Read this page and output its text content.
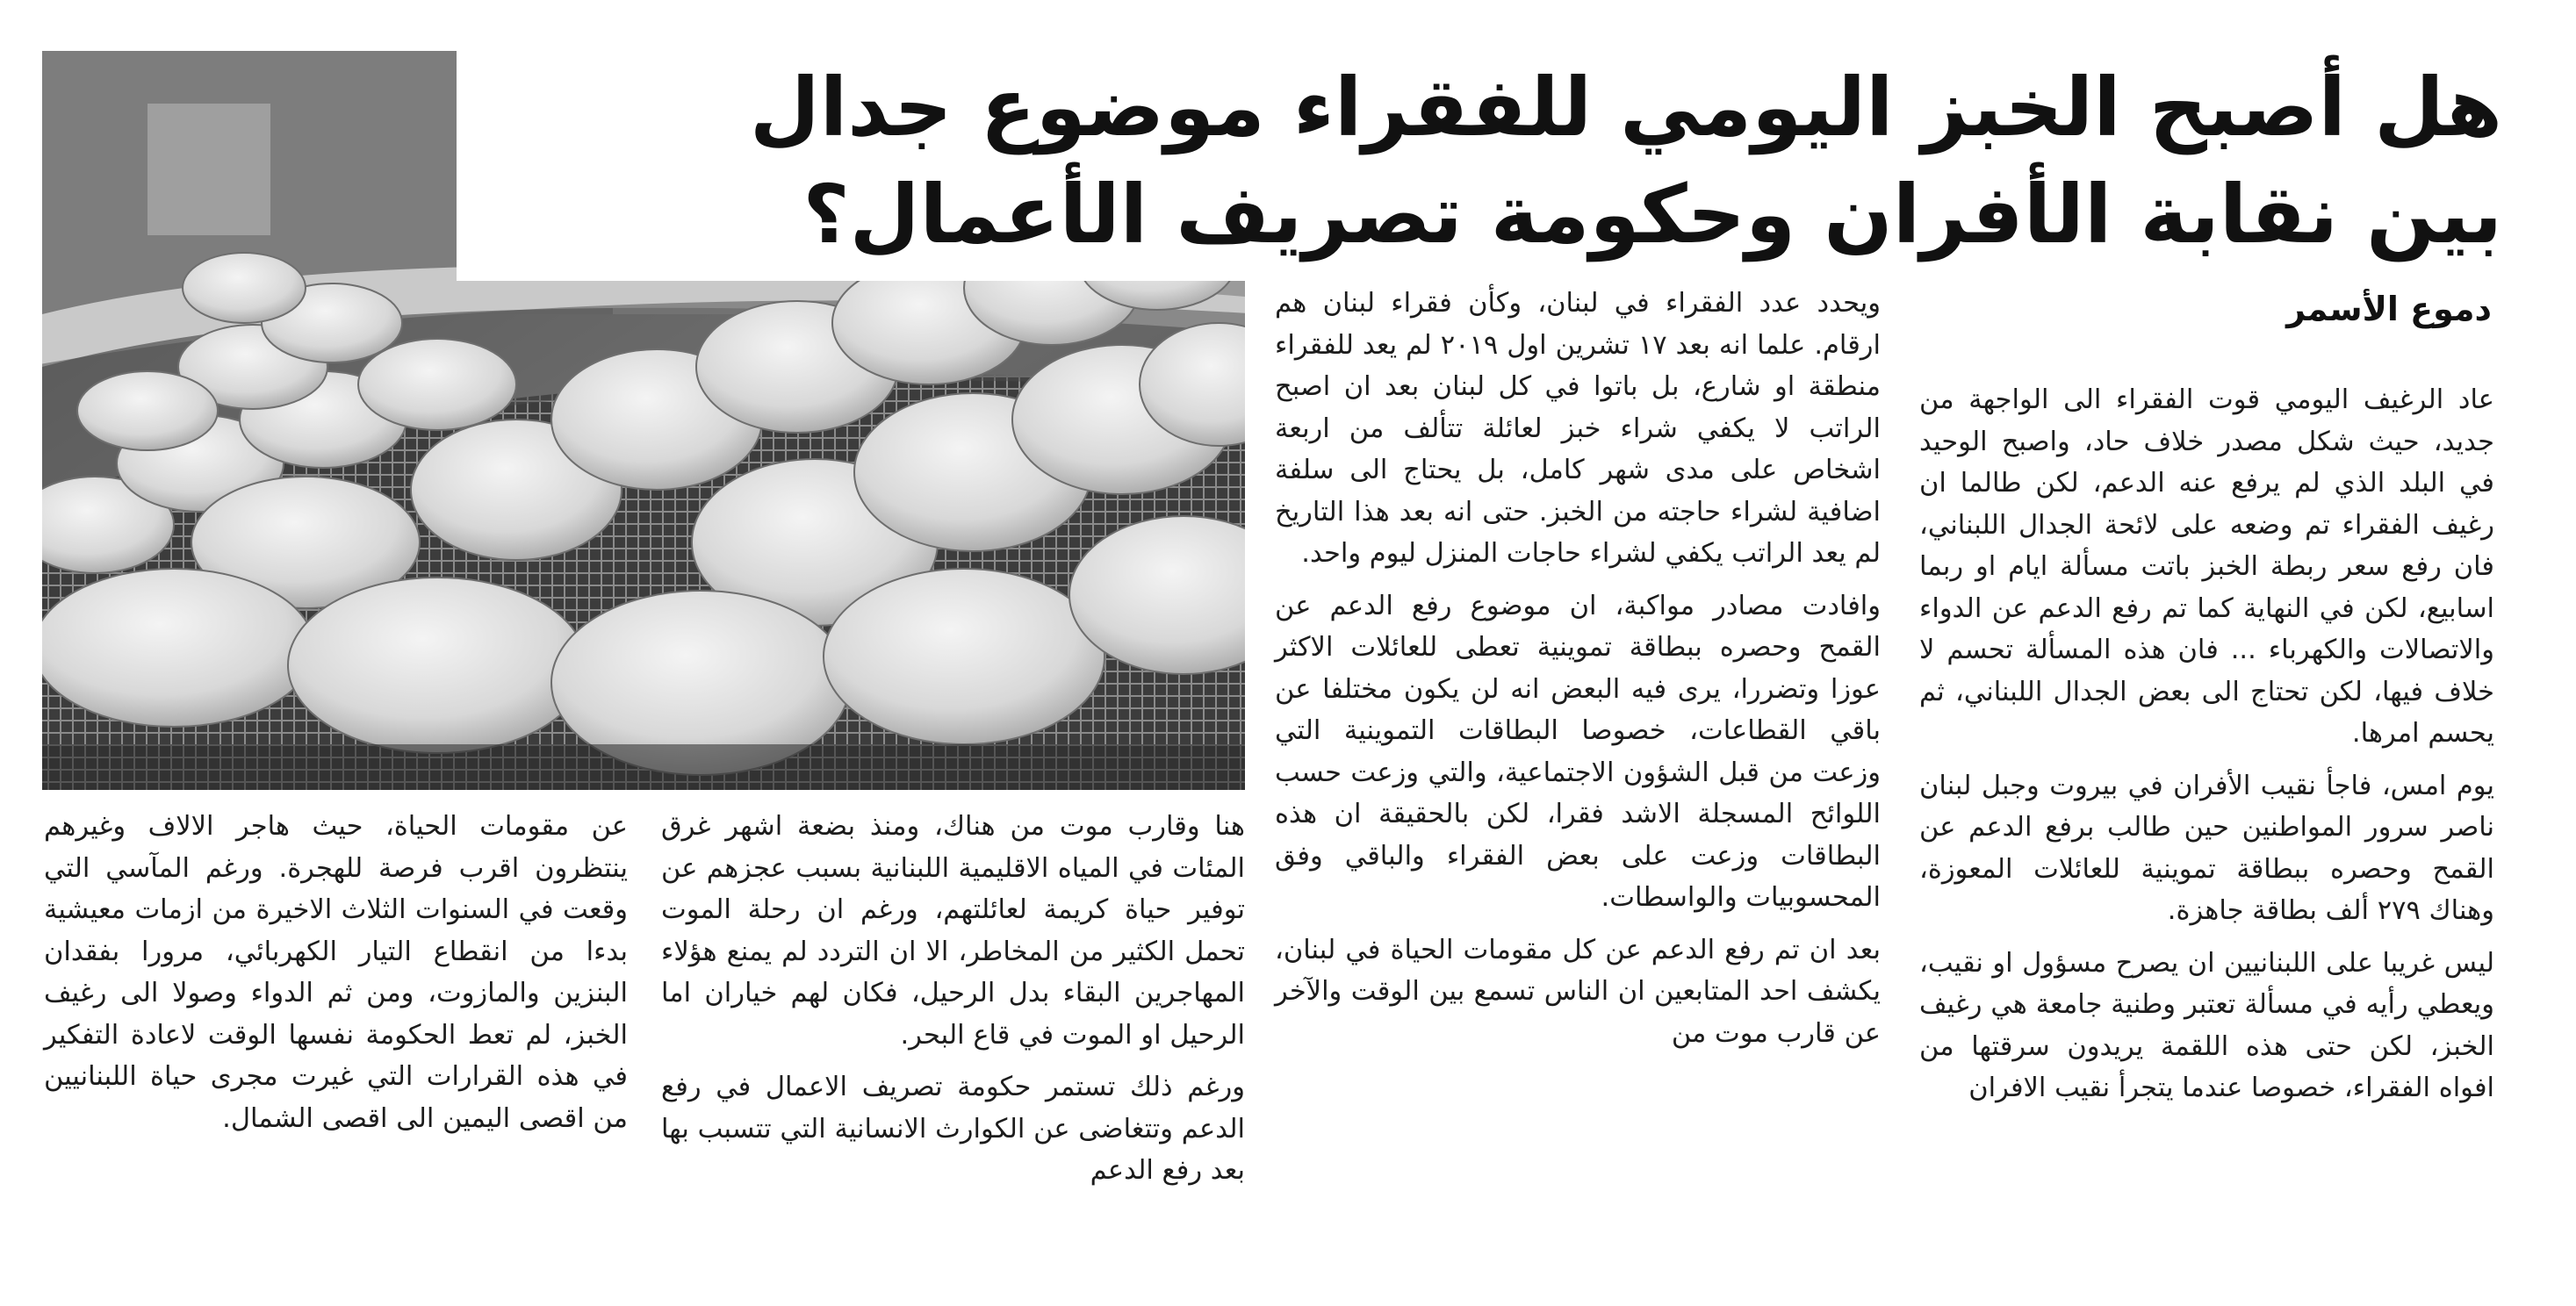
هل أصبح الخبز اليومي للفقراء موضوع جدال
بين نقابة الأفران وحكومة تصريف الأعمال؟
دموع الأسمر

عاد الرغيف اليومي قوت الفقراء الى الواجهة من جديد، حيث شكل مصدر خلاف حاد، واصبح الوحيد في البلد الذي لم يرفع عنه الدعم، لكن طالما ان رغيف الفقراء تم وضعه على لائحة الجدال اللبناني، فان رفع سعر ربطة الخبز باتت مسألة ايام او ربما اسابيع، لكن في النهاية كما تم رفع الدعم عن الدواء والاتصالات والكهرباء ... فان هذه المسألة تحسم لا خلاف فيها، لكن تحتاج الى بعض الجدال اللبناني، ثم يحسم امرها.

يوم امس، فاجأ نقيب الأفران في بيروت وجبل لبنان ناصر سرور المواطنين حين طالب برفع الدعم عن القمح وحصره ببطاقة تموينية للعائلات المعوزة، وهناك ٢٧٩ ألف بطاقة جاهزة.

ليس غريبا على اللبنانيين ان يصرح مسؤول او نقيب، ويعطي رأيه في مسألة تعتبر وطنية جامعة هي رغيف الخبز، لكن حتى هذه اللقمة يريدون سرقتها من افواه الفقراء، خصوصا عندما يتجرأ نقيب الافران

ويحدد عدد الفقراء في لبنان، وكأن فقراء لبنان هم ارقام. علما انه بعد ١٧ تشرين اول ٢٠١٩ لم يعد للفقراء منطقة او شارع، بل باتوا في كل لبنان بعد ان اصبح الراتب لا يكفي شراء خبز لعائلة تتألف من اربعة اشخاص على مدى شهر كامل، بل يحتاج الى سلفة اضافية لشراء حاجته من الخبز. حتى انه بعد هذا التاريخ لم يعد الراتب يكفي لشراء حاجات المنزل ليوم واحد.

وافادت مصادر مواكبة، ان موضوع رفع الدعم عن القمح وحصره ببطاقة تموينية تعطى للعائلات الاكثر عوزا وتضررا، يرى فيه البعض انه لن يكون مختلفا عن باقي القطاعات، خصوصا البطاقات التموينية التي وزعت من قبل الشؤون الاجتماعية، والتي وزعت حسب اللوائح المسجلة الاشد فقرا، لكن بالحقيقة ان هذه البطاقات وزعت على بعض الفقراء والباقي وفق المحسوبيات والواسطات.

بعد ان تم رفع الدعم عن كل مقومات الحياة في لبنان، يكشف احد المتابعين ان الناس تسمع بين الوقت والآخر عن قارب موت من

هنا وقارب موت من هناك، ومنذ بضعة اشهر غرق المئات في المياه الاقليمية اللبنانية بسبب عجزهم عن توفير حياة كريمة لعائلتهم، ورغم ان رحلة الموت تحمل الكثير من المخاطر، الا ان التردد لم يمنع هؤلاء المهاجرين البقاء بدل الرحيل، فكان لهم خياران اما الرحيل او الموت في قاع البحر.

ورغم ذلك تستمر حكومة تصريف الاعمال في رفع الدعم وتتغاضى عن الكوارث الانسانية التي تتسبب بها بعد رفع الدعم

عن مقومات الحياة، حيث هاجر الالاف وغيرهم ينتظرون اقرب فرصة للهجرة. ورغم المآسي التي وقعت في السنوات الثلاث الاخيرة من ازمات معيشية بدءا من انقطاع التيار الكهربائي، مرورا بفقدان البنزين والمازوت، ومن ثم الدواء وصولا الى رغيف الخبز، لم تعط الحكومة نفسها الوقت لاعادة التفكير في هذه القرارات التي غيرت مجرى حياة اللبنانيين من اقصى اليمين الى اقصى الشمال.
